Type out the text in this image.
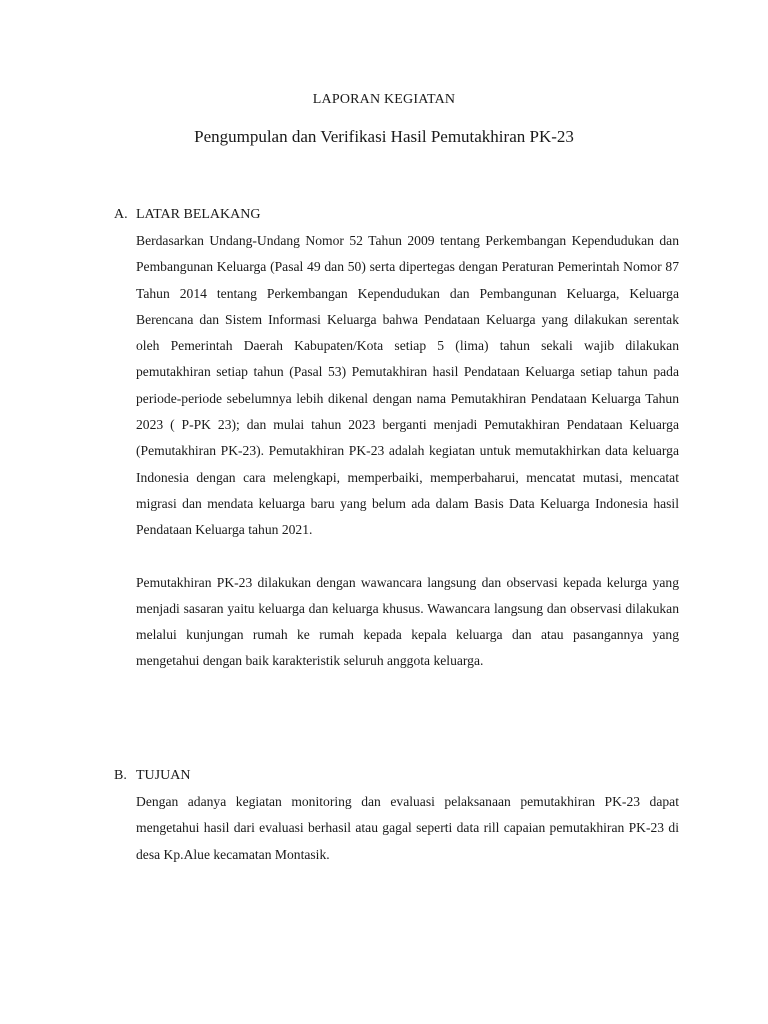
LAPORAN KEGIATAN
Pengumpulan dan Verifikasi Hasil Pemutakhiran PK-23
A. LATAR BELAKANG
Berdasarkan Undang-Undang Nomor 52 Tahun 2009 tentang Perkembangan Kependudukan dan Pembangunan Keluarga (Pasal 49 dan 50) serta dipertegas dengan Peraturan Pemerintah Nomor 87 Tahun 2014 tentang Perkembangan Kependudukan dan Pembangunan Keluarga, Keluarga Berencana dan Sistem Informasi Keluarga bahwa Pendataan Keluarga yang dilakukan serentak oleh Pemerintah Daerah Kabupaten/Kota setiap 5 (lima) tahun sekali wajib dilakukan pemutakhiran setiap tahun (Pasal 53) Pemutakhiran hasil Pendataan Keluarga setiap tahun pada periode-periode sebelumnya lebih dikenal dengan nama Pemutakhiran Pendataan Keluarga Tahun 2023 ( P-PK 23); dan mulai tahun 2023 berganti menjadi Pemutakhiran Pendataan Keluarga (Pemutakhiran PK-23). Pemutakhiran PK-23 adalah kegiatan untuk memutakhirkan data keluarga Indonesia dengan cara melengkapi, memperbaiki, memperbaharui, mencatat mutasi, mencatat migrasi dan mendata keluarga baru yang belum ada dalam Basis Data Keluarga Indonesia hasil Pendataan Keluarga tahun 2021.
Pemutakhiran PK-23 dilakukan dengan wawancara langsung dan observasi kepada kelurga yang menjadi sasaran yaitu keluarga dan keluarga khusus. Wawancara langsung dan observasi dilakukan melalui kunjungan rumah ke rumah kepada kepala keluarga dan atau pasangannya yang mengetahui dengan baik karakteristik seluruh anggota keluarga.
B. TUJUAN
Dengan adanya kegiatan monitoring dan evaluasi pelaksanaan pemutakhiran PK-23 dapat mengetahui hasil dari evaluasi berhasil atau gagal seperti data rill capaian pemutakhiran PK-23 di desa Kp.Alue kecamatan Montasik.
